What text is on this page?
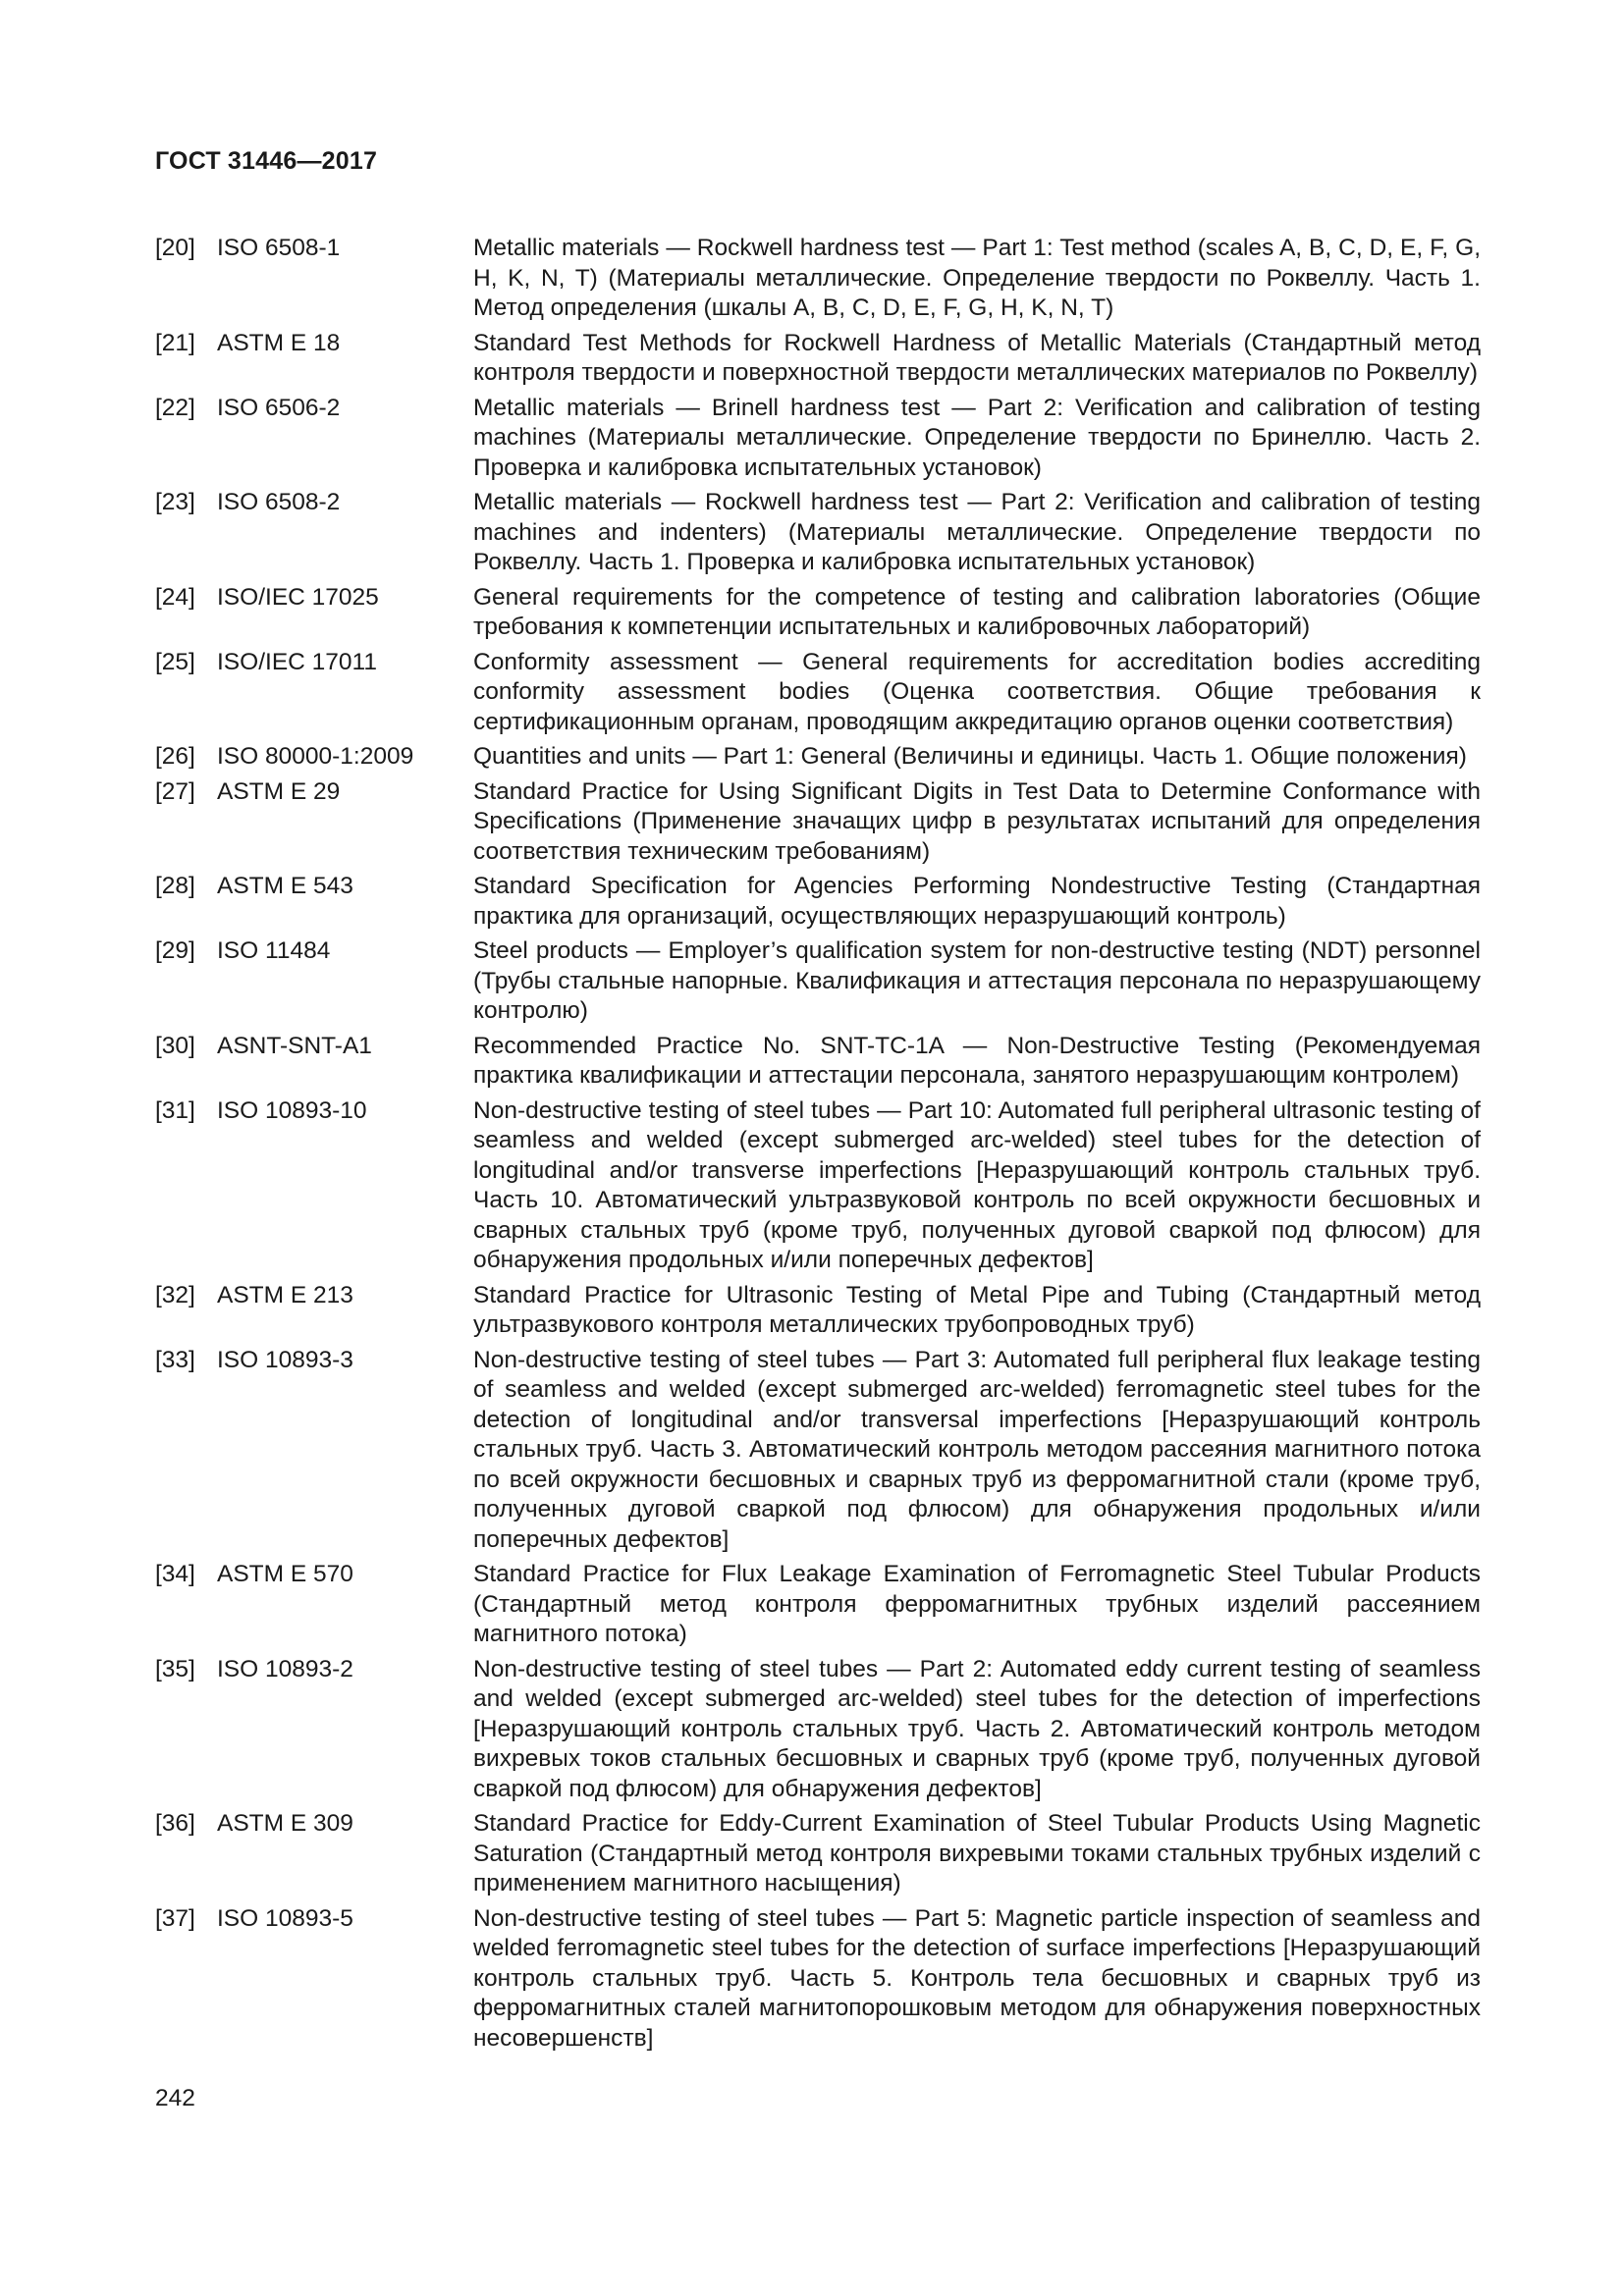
ГОСТ 31446—2017
[20] ISO 6508-1	Metallic materials — Rockwell hardness test — Part 1: Test method (scales A, B, C, D, E, F, G, H, K, N, T) (Материалы металлические. Определение твердости по Роквеллу. Часть 1. Метод определения (шкалы A, B, C, D, E, F, G, H, K, N, T)
[21] ASTM E 18	Standard Test Methods for Rockwell Hardness of Metallic Materials (Стандартный метод контроля твердости и поверхностной твердости металлических материалов по Роквеллу)
[22] ISO 6506-2	Metallic materials — Brinell hardness test — Part 2: Verification and calibration of testing machines (Материалы металлические. Определение твердости по Бринеллю. Часть 2. Проверка и калибровка испытательных установок)
[23] ISO 6508-2	Metallic materials — Rockwell hardness test — Part 2: Verification and calibration of testing machines and indenters) (Материалы металлические. Определение твердости по Роквеллу. Часть 1. Проверка и калибровка испытательных установок)
[24] ISO/IEC 17025	General requirements for the competence of testing and calibration laboratories (Общие требования к компетенции испытательных и калибровочных лабораторий)
[25] ISO/IEC 17011	Conformity assessment — General requirements for accreditation bodies accrediting conformity assessment bodies (Оценка соответствия. Общие требования к сертификационным органам, проводящим аккредитацию органов оценки соответствия)
[26] ISO 80000-1:2009	Quantities and units — Part 1: General (Величины и единицы. Часть 1. Общие положения)
[27] ASTM E 29	Standard Practice for Using Significant Digits in Test Data to Determine Conformance with Specifications (Применение значащих цифр в результатах испытаний для определения соответствия техническим требованиям)
[28] ASTM E 543	Standard Specification for Agencies Performing Nondestructive Testing (Стандартная практика для организаций, осуществляющих неразрушающий контроль)
[29] ISO 11484	Steel products — Employer’s qualification system for non-destructive testing (NDT) personnel (Трубы стальные напорные. Квалификация и аттестация персонала по неразрушающему контролю)
[30] ASNT-SNT-A1	Recommended Practice No. SNT-TC-1A — Non-Destructive Testing (Рекомендуемая практика квалификации и аттестации персонала, занятого неразрушающим контролем)
[31] ISO 10893-10	Non-destructive testing of steel tubes — Part 10: Automated full peripheral ultrasonic testing of seamless and welded (except submerged arc-welded) steel tubes for the detection of longitudinal and/or transverse imperfections [Неразрушающий контроль стальных труб. Часть 10. Автоматический ультразвуковой контроль по всей окружности бесшовных и сварных стальных труб (кроме труб, полученных дуговой сваркой под флюсом) для обнаружения продольных и/или поперечных дефектов]
[32] ASTM E 213	Standard Practice for Ultrasonic Testing of Metal Pipe and Tubing (Стандартный метод ультразвукового контроля металлических трубопроводных труб)
[33] ISO 10893-3	Non-destructive testing of steel tubes — Part 3: Automated full peripheral flux leakage testing of seamless and welded (except submerged arc-welded) ferromagnetic steel tubes for the detection of longitudinal and/or transversal imperfections [Неразрушающий контроль стальных труб. Часть 3. Автоматический контроль методом рассеяния магнитного потока по всей окружности бесшовных и сварных труб из ферромагнитной стали (кроме труб, полученных дуговой сваркой под флюсом) для обнаружения продольных и/или поперечных дефектов]
[34] ASTM E 570	Standard Practice for Flux Leakage Examination of Ferromagnetic Steel Tubular Products (Стандартный метод контроля ферромагнитных трубных изделий рассеянием магнитного потока)
[35] ISO 10893-2	Non-destructive testing of steel tubes — Part 2: Automated eddy current testing of seamless and welded (except submerged arc-welded) steel tubes for the detection of imperfections [Неразрушающий контроль стальных труб. Часть 2. Автоматический контроль методом вихревых токов стальных бесшовных и сварных труб (кроме труб, полученных дуговой сваркой под флюсом) для обнаружения дефектов]
[36] ASTM E 309	Standard Practice for Eddy-Current Examination of Steel Tubular Products Using Magnetic Saturation (Стандартный метод контроля вихревыми токами стальных трубных изделий с применением магнитного насыщения)
[37] ISO 10893-5	Non-destructive testing of steel tubes — Part 5: Magnetic particle inspection of seamless and welded ferromagnetic steel tubes for the detection of surface imperfections [Неразрушающий контроль стальных труб. Часть 5. Контроль тела бесшовных и сварных труб из ферромагнитных сталей магнитопорошковым методом для обнаружения поверхностных несовершенств]
242
